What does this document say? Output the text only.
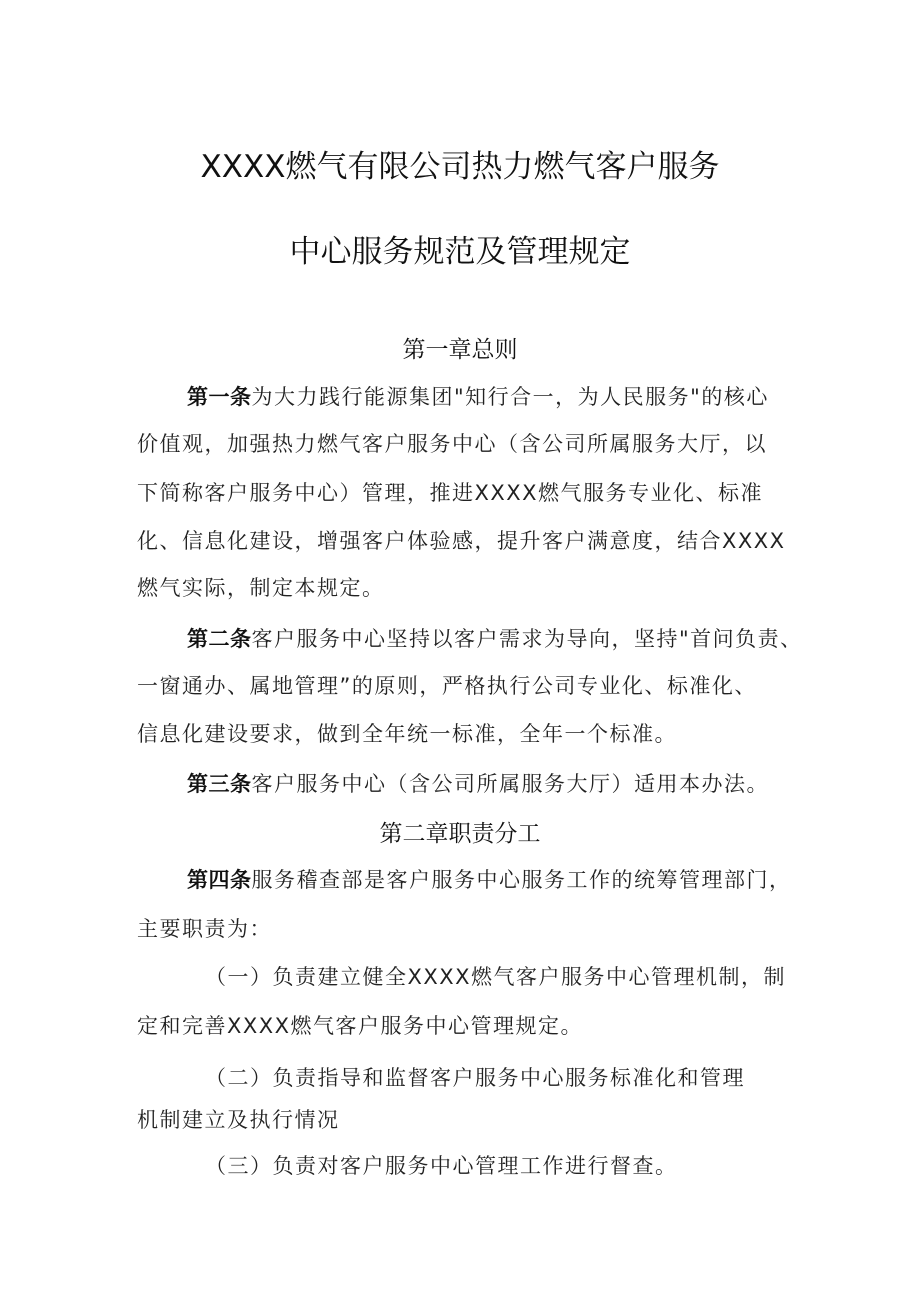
XXXX燃气有限公司热力燃气客户服务
中心服务规范及管理规定
第一章总则
第一条为大力践行能源集团"知行合一，为人民服务"的核心
价值观，加强热力燃气客户服务中心（含公司所属服务大厅，以
下简称客户服务中心）管理，推进XXXX燃气服务专业化、标准
化、信息化建设，增强客户体验感，提升客户满意度，结合XXXX
燃气实际，制定本规定。
第二条客户服务中心坚持以客户需求为导向，坚持"首问负责、
一窗通办、属地管理”的原则，严格执行公司专业化、标准化、
信息化建设要求，做到全年统一标准，全年一个标准。
第三条客户服务中心（含公司所属服务大厅）适用本办法。
第二章职责分工
第四条服务稽查部是客户服务中心服务工作的统筹管理部门，
主要职责为：
（一）负责建立健全XXXX燃气客户服务中心管理机制，制
定和完善XXXX燃气客户服务中心管理规定。
（二）负责指导和监督客户服务中心服务标准化和管理
机制建立及执行情况
（三）负责对客户服务中心管理工作进行督查。
